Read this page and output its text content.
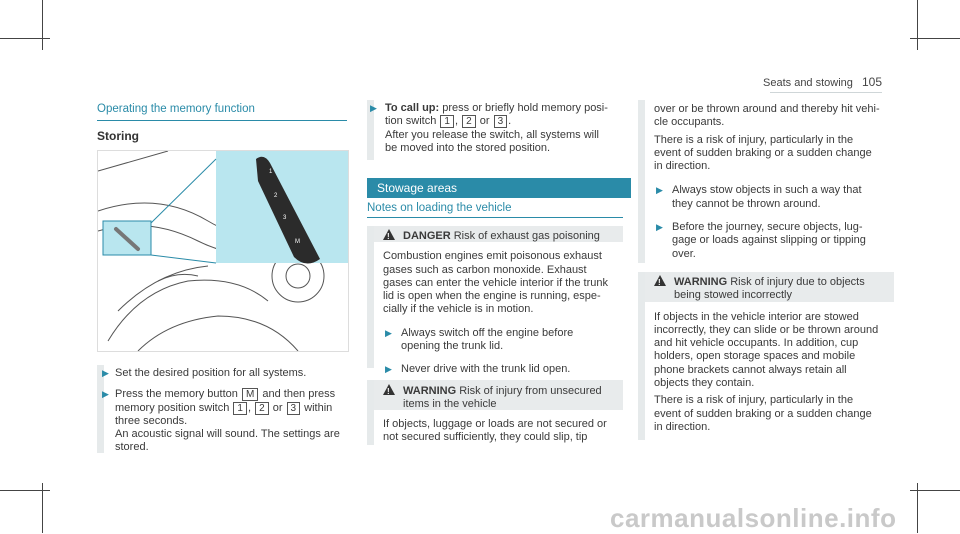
Seats and stowing 105
Operating the memory function
Storing
1
2
3
M
▶ Set the desired position for all systems.
▶ Press the memory button M and then press memory position switch 1 , 2 or 3 within three seconds.
An acoustic signal will sound. The settings are stored.
▶ To call up: press or briefly hold memory posi-
tion switch 1 , 2 or 3 .
After you release the switch, all systems will
be moved into the stored position.
Stowage areas
Notes on loading the vehicle
!DANGER Risk of exhaust gas poisoning
Combustion engines emit poisonous exhaust
gases such as carbon monoxide. Exhaust
gases can enter the vehicle interior if the trunk
lid is open when the engine is running, espe-
cially if the vehicle is in motion.
▶ Always switch off the engine before
opening the trunk lid.
▶ Never drive with the trunk lid open.
!WARNING Risk of injury from unsecured
items in the vehicle
If objects, luggage or loads are not secured or
not secured sufficiently, they could slip, tip
over or be thrown around and thereby hit vehi-
cle occupants.
There is a risk of injury, particularly in the
event of sudden braking or a sudden change
in direction.
▶ Always stow objects in such a way that
they cannot be thrown around.
▶ Before the journey, secure objects, lug-
gage or loads against slipping or tipping
over.
!WARNING Risk of injury due to objects
being stowed incorrectly
If objects in the vehicle interior are stowed
incorrectly, they can slide or be thrown around
and hit vehicle occupants. In addition, cup
holders, open storage spaces and mobile
phone brackets cannot always retain all
objects they contain.
There is a risk of injury, particularly in the
event of sudden braking or a sudden change
in direction.
carmanualsonline.info
